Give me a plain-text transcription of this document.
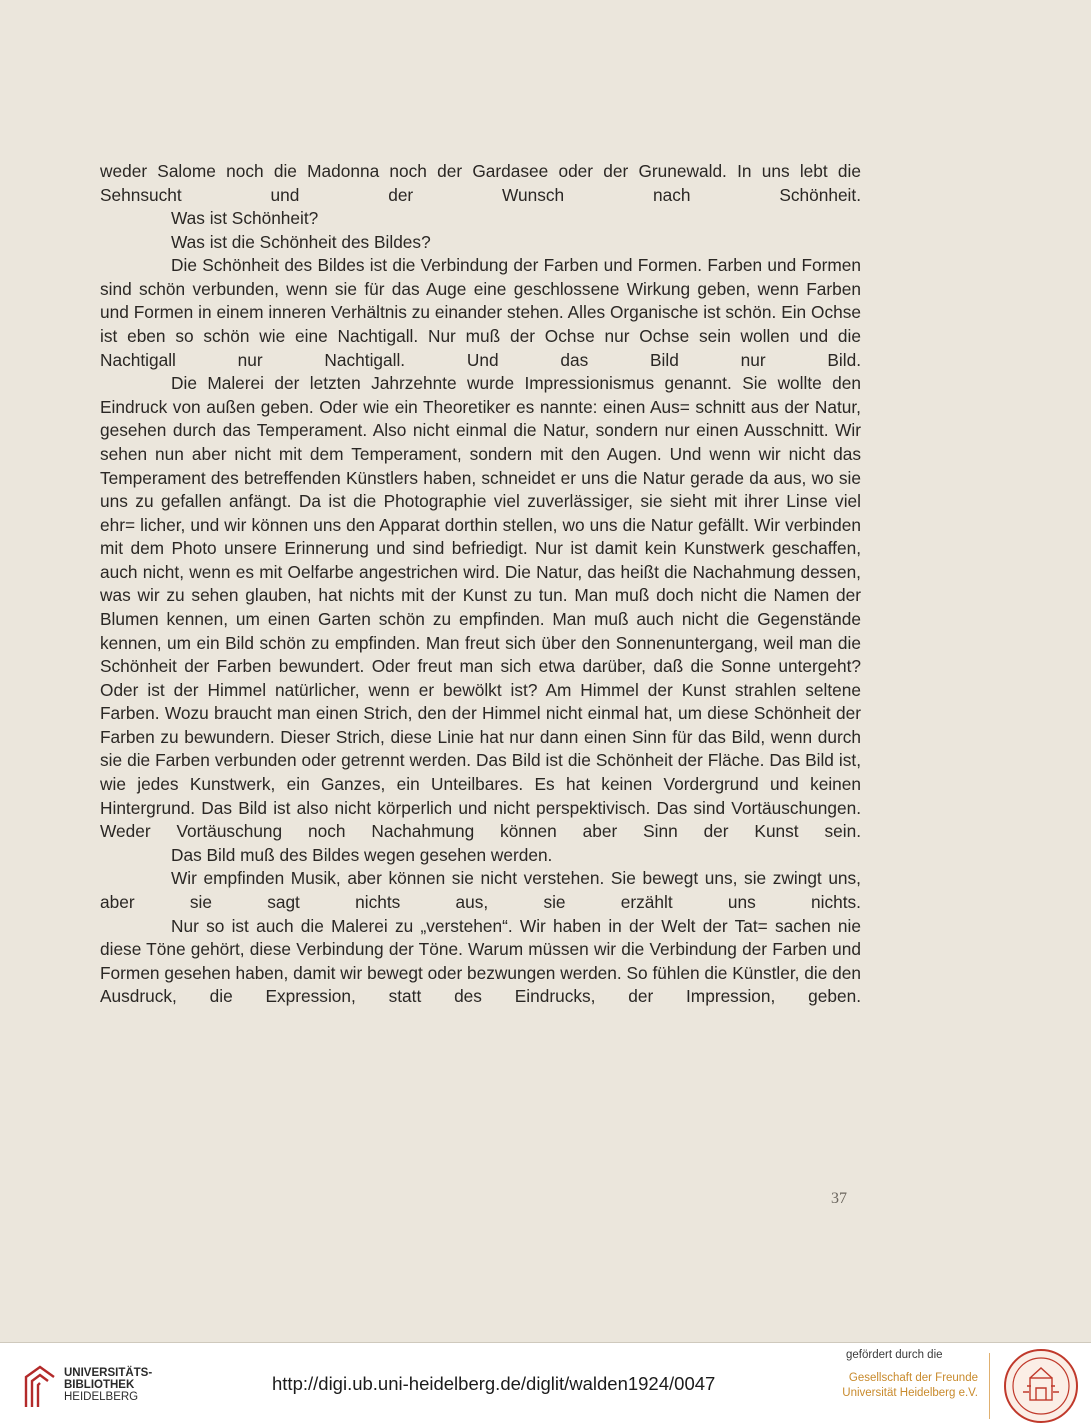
weder Salome noch die Madonna noch der Gardasee oder der Grunewald. In uns lebt die Sehnsucht und der Wunsch nach Schönheit.

Was ist Schönheit?

Was ist die Schönheit des Bildes?

Die Schönheit des Bildes ist die Verbindung der Farben und Formen. Farben und Formen sind schön verbunden, wenn sie für das Auge eine geschlossene Wirkung geben, wenn Farben und Formen in einem inneren Verhältnis zu einander stehen. Alles Organische ist schön. Ein Ochse ist eben so schön wie eine Nachtigall. Nur muß der Ochse nur Ochse sein wollen und die Nachtigall nur Nachtigall. Und das Bild nur Bild.

Die Malerei der letzten Jahrzehnte wurde Impressionismus genannt. Sie wollte den Eindruck von außen geben. Oder wie ein Theoretiker es nannte: einen Aus= schnitt aus der Natur, gesehen durch das Temperament. Also nicht einmal die Natur, sondern nur einen Ausschnitt. Wir sehen nun aber nicht mit dem Temperament, sondern mit den Augen. Und wenn wir nicht das Temperament des betreffenden Künstlers haben, schneidet er uns die Natur gerade da aus, wo sie uns zu gefallen anfängt. Da ist die Photographie viel zuverlässiger, sie sieht mit ihrer Linse viel ehr= licher, und wir können uns den Apparat dorthin stellen, wo uns die Natur gefällt. Wir verbinden mit dem Photo unsere Erinnerung und sind befriedigt. Nur ist damit kein Kunstwerk geschaffen, auch nicht, wenn es mit Oelfarbe angestrichen wird. Die Natur, das heißt die Nachahmung dessen, was wir zu sehen glauben, hat nichts mit der Kunst zu tun. Man muß doch nicht die Namen der Blumen kennen, um einen Garten schön zu empfinden. Man muß auch nicht die Gegenstände kennen, um ein Bild schön zu empfinden. Man freut sich über den Sonnenuntergang, weil man die Schönheit der Farben bewundert. Oder freut man sich etwa darüber, daß die Sonne untergeht? Oder ist der Himmel natürlicher, wenn er bewölkt ist? Am Himmel der Kunst strahlen seltene Farben. Wozu braucht man einen Strich, den der Himmel nicht einmal hat, um diese Schönheit der Farben zu bewundern. Dieser Strich, diese Linie hat nur dann einen Sinn für das Bild, wenn durch sie die Farben verbunden oder getrennt werden. Das Bild ist die Schönheit der Fläche. Das Bild ist, wie jedes Kunstwerk, ein Ganzes, ein Unteilbares. Es hat keinen Vordergrund und keinen Hintergrund. Das Bild ist also nicht körperlich und nicht perspektivisch. Das sind Vortäuschungen. Weder Vortäuschung noch Nachahmung können aber Sinn der Kunst sein.

Das Bild muß des Bildes wegen gesehen werden.

Wir empfinden Musik, aber können sie nicht verstehen. Sie bewegt uns, sie zwingt uns, aber sie sagt nichts aus, sie erzählt uns nichts.

Nur so ist auch die Malerei zu „verstehen“. Wir haben in der Welt der Tat= sachen nie diese Töne gehört, diese Verbindung der Töne. Warum müssen wir die Verbindung der Farben und Formen gesehen haben, damit wir bewegt oder bezwungen werden. So fühlen die Künstler, die den Ausdruck, die Expression, statt des Eindrucks, der Impression, geben.

37
UNIVERSITÄTS-
BIBLIOTHEK
HEIDELBERG
http://digi.ub.uni-heidelberg.de/diglit/walden1924/0047
gefördert durch die
Gesellschaft der Freunde
Universität Heidelberg e.V.
